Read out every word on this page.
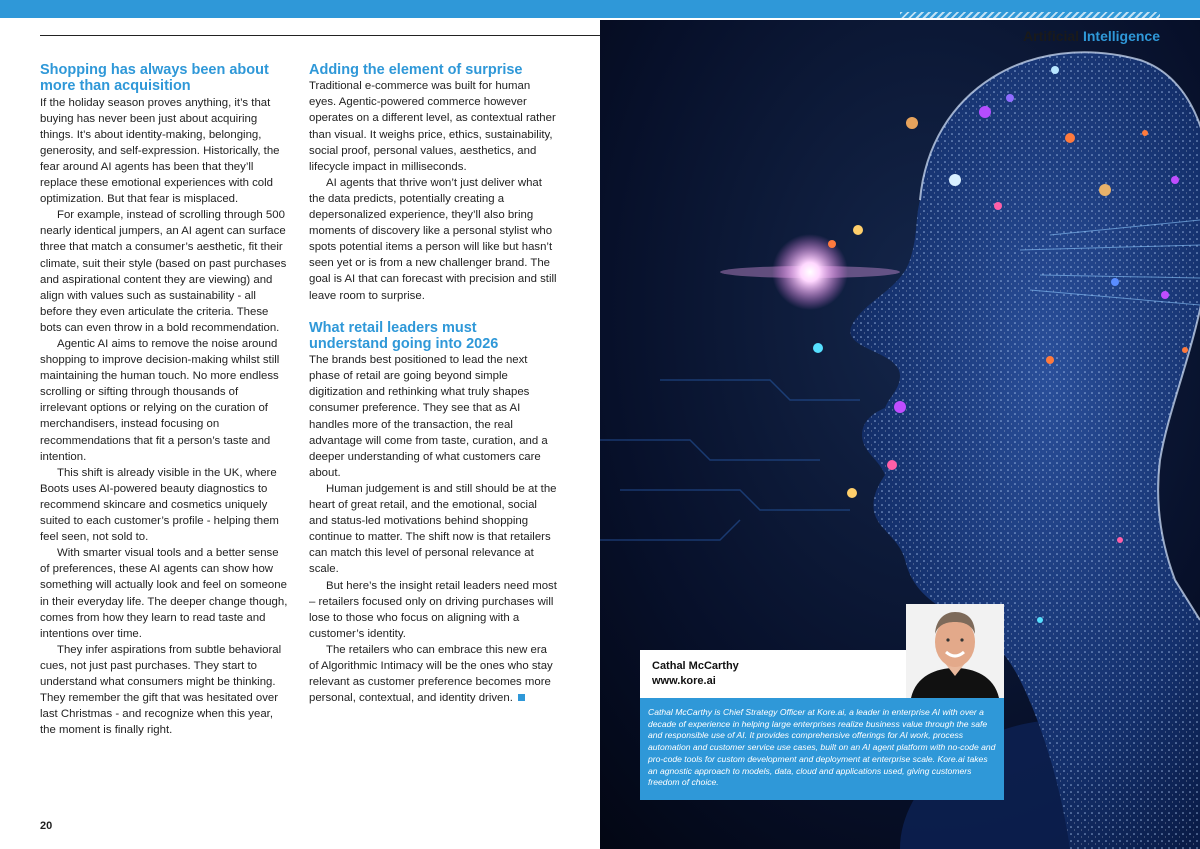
Shopping has always been about more than acquisition

If the holiday season proves anything, it’s that buying has never been just about acquiring things. It’s about identity-making, belonging, generosity, and self-expression. Historically, the fear around AI agents has been that they’ll replace these emotional experiences with cold optimization. But that fear is misplaced.

For example, instead of scrolling through 500 nearly identical jumpers, an AI agent can surface three that match a consumer’s aesthetic, fit their climate, suit their style (based on past purchases and aspirational content they are viewing) and align with values such as sustainability - all before they even articulate the criteria. These bots can even throw in a bold recommendation.

Agentic AI aims to remove the noise around shopping to improve decision-making whilst still maintaining the human touch. No more endless scrolling or sifting through thousands of irrelevant options or relying on the curation of merchandisers, instead focusing on recommendations that fit a person’s taste and intention.

This shift is already visible in the UK, where Boots uses AI-powered beauty diagnostics to recommend skincare and cosmetics uniquely suited to each customer’s profile - helping them feel seen, not sold to.

With smarter visual tools and a better sense of preferences, these AI agents can show how something will actually look and feel on someone in their everyday life. The deeper change though, comes from how they learn to read taste and intentions over time.

They infer aspirations from subtle behavioral cues, not just past purchases. They start to understand what consumers might be thinking. They remember the gift that was hesitated over last Christmas - and recognize when this year, the moment is finally right.

Adding the element of surprise

Traditional e-commerce was built for human eyes. Agentic-powered commerce however operates on a different level, as contextual rather than visual. It weighs price, ethics, sustainability, social proof, personal values, aesthetics, and lifecycle impact in milliseconds.

AI agents that thrive won’t just deliver what the data predicts, potentially creating a depersonalized experience, they’ll also bring moments of discovery like a personal stylist who spots potential items a person will like but hasn’t seen yet or is from a new challenger brand. The goal is AI that can forecast with precision and still leave room to surprise.

What retail leaders must understand going into 2026

The brands best positioned to lead the next phase of retail are going beyond simple digitization and rethinking what truly shapes consumer preference. They see that as AI handles more of the transaction, the real advantage will come from taste, curation, and a deeper understanding of what customers care about.

Human judgement is and still should be at the heart of great retail, and the emotional, social and status-led motivations behind shopping continue to matter. The shift now is that retailers can match this level of personal relevance at scale.

But here’s the insight retail leaders need most – retailers focused only on driving purchases will lose to those who focus on aligning with a customer’s identity.

The retailers who can embrace this new era of Algorithmic Intimacy will be the ones who stay relevant as customer preference becomes more personal, contextual, and identity driven.

20
Artificial Intelligence
Cathal McCarthy
www.kore.ai
Cathal McCarthy is Chief Strategy Officer at Kore.ai, a leader in enterprise AI with over a decade of experience in helping large enterprises realize business value through the safe and responsible use of AI. It provides comprehensive offerings for AI work, process automation and customer service use cases, built on an AI agent platform with no-code and pro-code tools for custom development and deployment at enterprise scale. Kore.ai takes an agnostic approach to models, data, cloud and applications used, giving customers freedom of choice.
